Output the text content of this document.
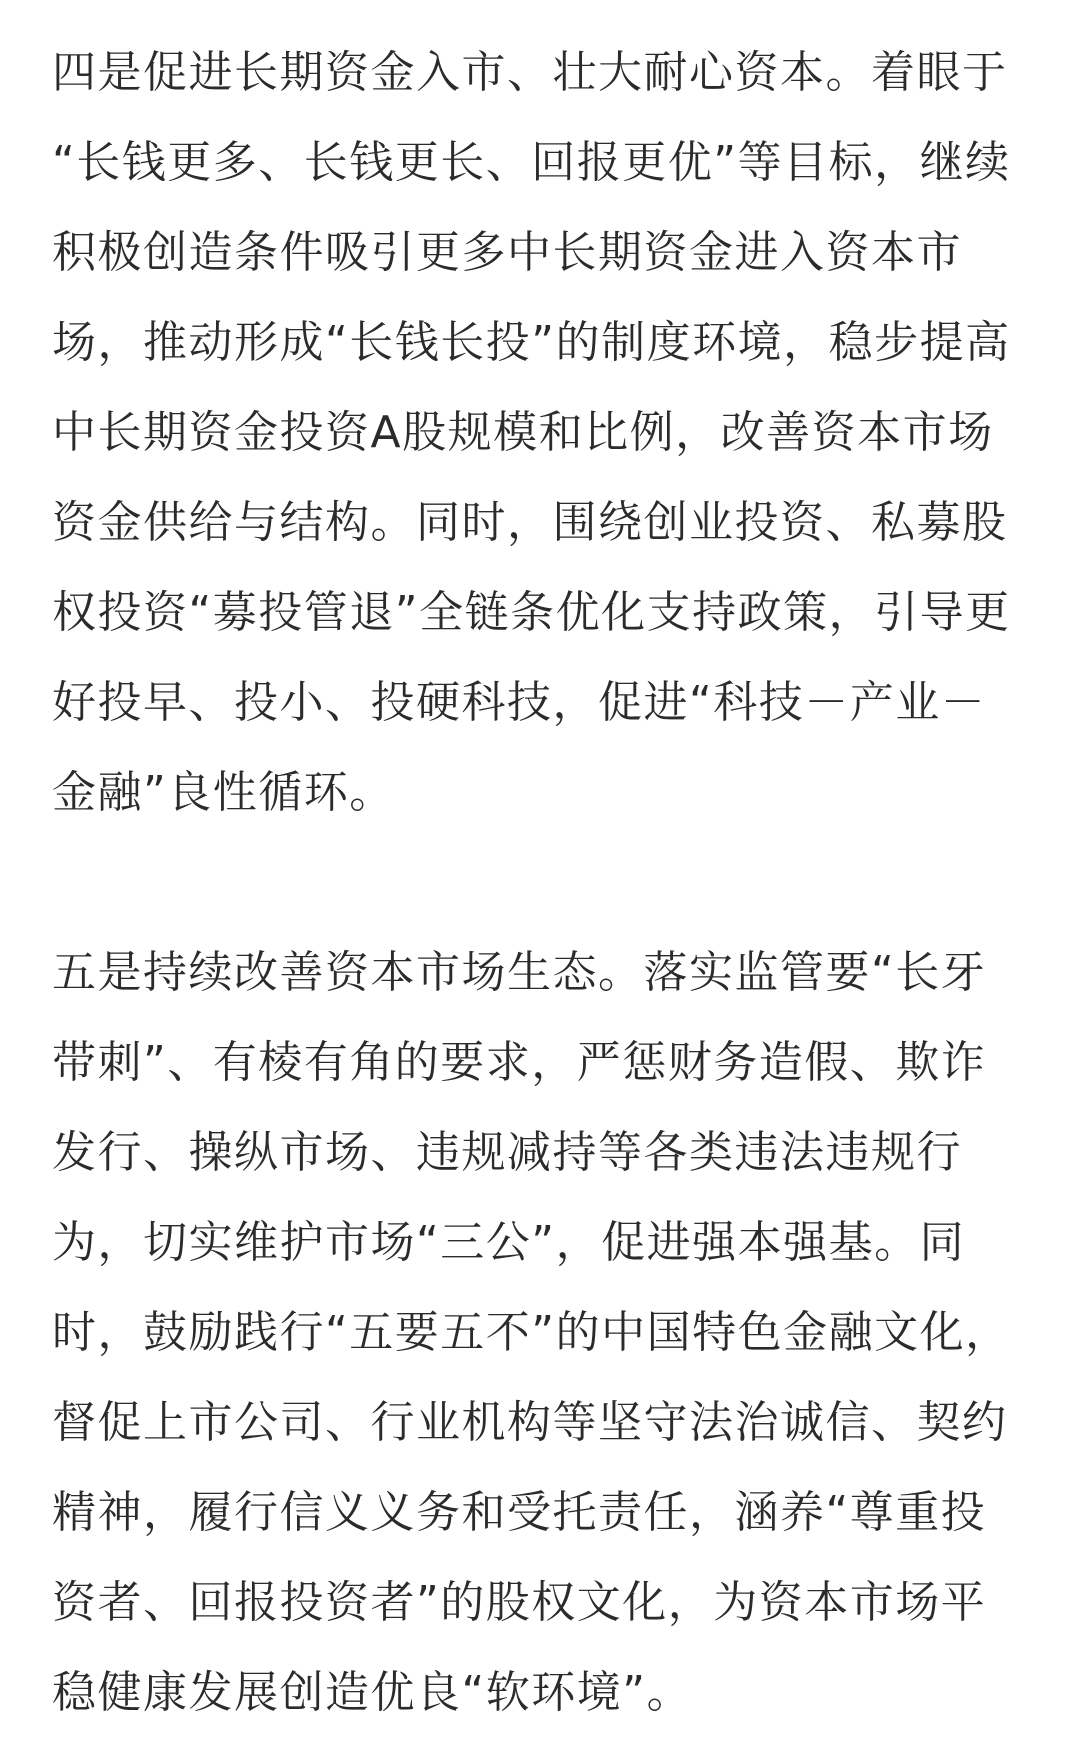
四是促进长期资金入市、壮大耐心资本。着眼于
“长钱更多、长钱更长、回报更优”等目标，继续
积极创造条件吸引更多中长期资金进入资本市
场，推动形成“长钱长投”的制度环境，稳步提高
中长期资金投资A股规模和比例，改善资本市场
资金供给与结构。同时，围绕创业投资、私募股
权投资“募投管退”全链条优化支持政策，引导更
好投早、投小、投硬科技，促进“科技－产业－
金融”良性循环。
五是持续改善资本市场生态。落实监管要“长牙
带刺”、有棱有角的要求，严惩财务造假、欺诈
发行、操纵市场、违规减持等各类违法违规行
为，切实维护市场“三公”，促进强本强基。同
时，鼓励践行“五要五不”的中国特色金融文化，
督促上市公司、行业机构等坚守法治诚信、契约
精神，履行信义义务和受托责任，涵养“尊重投
资者、回报投资者”的股权文化，为资本市场平
稳健康发展创造优良“软环境”。
